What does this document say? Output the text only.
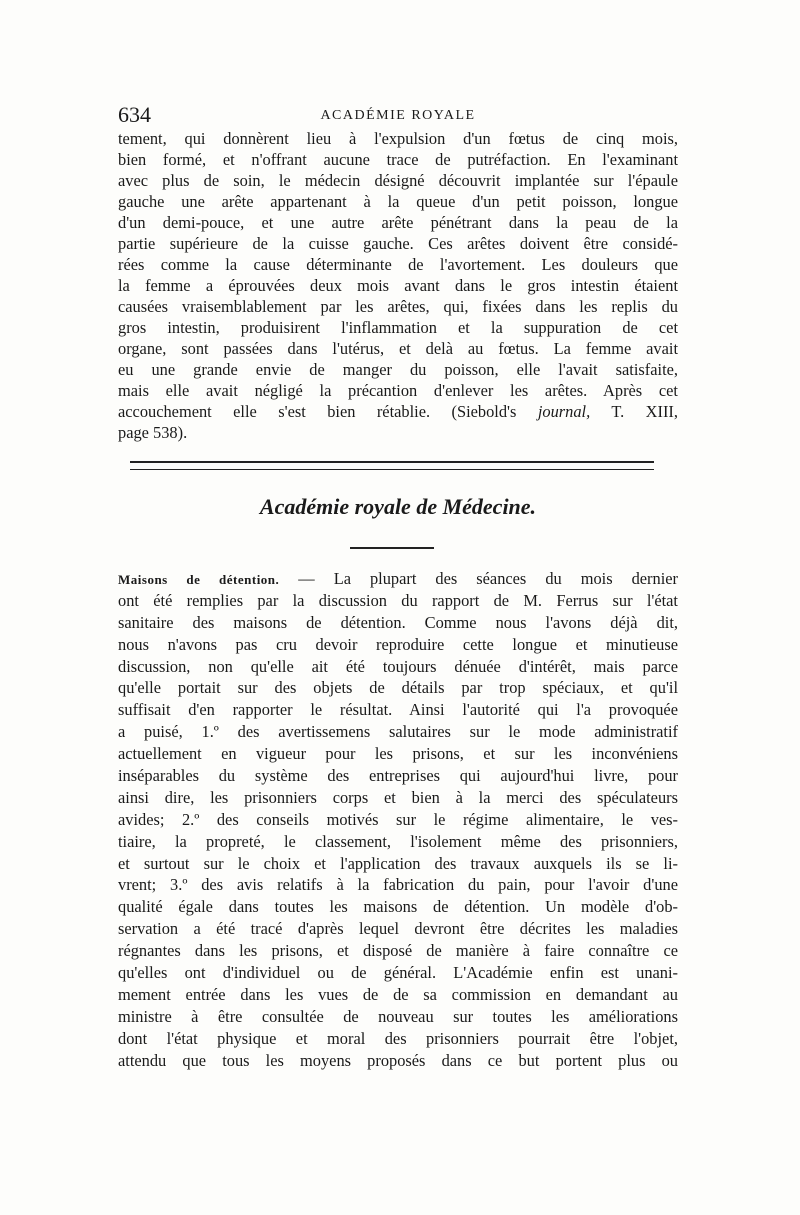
634	ACADÉMIE ROYALE
tement, qui donnèrent lieu à l'expulsion d'un fœtus de cinq mois,
bien formé, et n'offrant aucune trace de putréfaction. En l'examinant
avec plus de soin, le médecin désigné découvrit implantée sur l'épaule
gauche une arête appartenant à la queue d'un petit poisson, longue
d'un demi-pouce, et une autre arête pénétrant dans la peau de la
partie supérieure de la cuisse gauche. Ces arêtes doivent être considé-
rées comme la cause déterminante de l'avortement. Les douleurs que
la femme a éprouvées deux mois avant dans le gros intestin étaient
causées vraisemblablement par les arêtes, qui, fixées dans les replis du
gros intestin, produisirent l'inflammation et la suppuration de cet
organe, sont passées dans l'utérus, et delà au fœtus. La femme avait
eu une grande envie de manger du poisson, elle l'avait satisfaite,
mais elle avait négligé la précantion d'enlever les arêtes. Après cet
accouchement elle s'est bien rétablie. (Siebold's journal, T. XIII,
page 538).
Académie royale de Médecine.
Maisons de détention. — La plupart des séances du mois dernier
ont été remplies par la discussion du rapport de M. Ferrus sur l'état
sanitaire des maisons de détention. Comme nous l'avons déjà dit,
nous n'avons pas cru devoir reproduire cette longue et minutieuse
discussion, non qu'elle ait été toujours dénuée d'intérêt, mais parce
qu'elle portait sur des objets de détails par trop spéciaux, et qu'il
suffisait d'en rapporter le résultat. Ainsi l'autorité qui l'a provoquée
a puisé, 1.º des avertissemens salutaires sur le mode administratif
actuellement en vigueur pour les prisons, et sur les inconvéniens
inséparables du système des entreprises qui aujourd'hui livre, pour
ainsi dire, les prisonniers corps et bien à la merci des spéculateurs
avides; 2.º des conseils motivés sur le régime alimentaire, le ves-
tiaire, la propreté, le classement, l'isolement même des prisonniers,
et surtout sur le choix et l'application des travaux auxquels ils se li-
vrent; 3.º des avis relatifs à la fabrication du pain, pour l'avoir d'une
qualité égale dans toutes les maisons de détention. Un modèle d'ob-
servation a été tracé d'après lequel devront être décrites les maladies
régnantes dans les prisons, et disposé de manière à faire connaître ce
qu'elles ont d'individuel ou de général. L'Académie enfin est unani-
mement entrée dans les vues de de sa commission en demandant au
ministre à être consultée de nouveau sur toutes les améliorations
dont l'état physique et moral des prisonniers pourrait être l'objet,
attendu que tous les moyens proposés dans ce but portent plus ou
